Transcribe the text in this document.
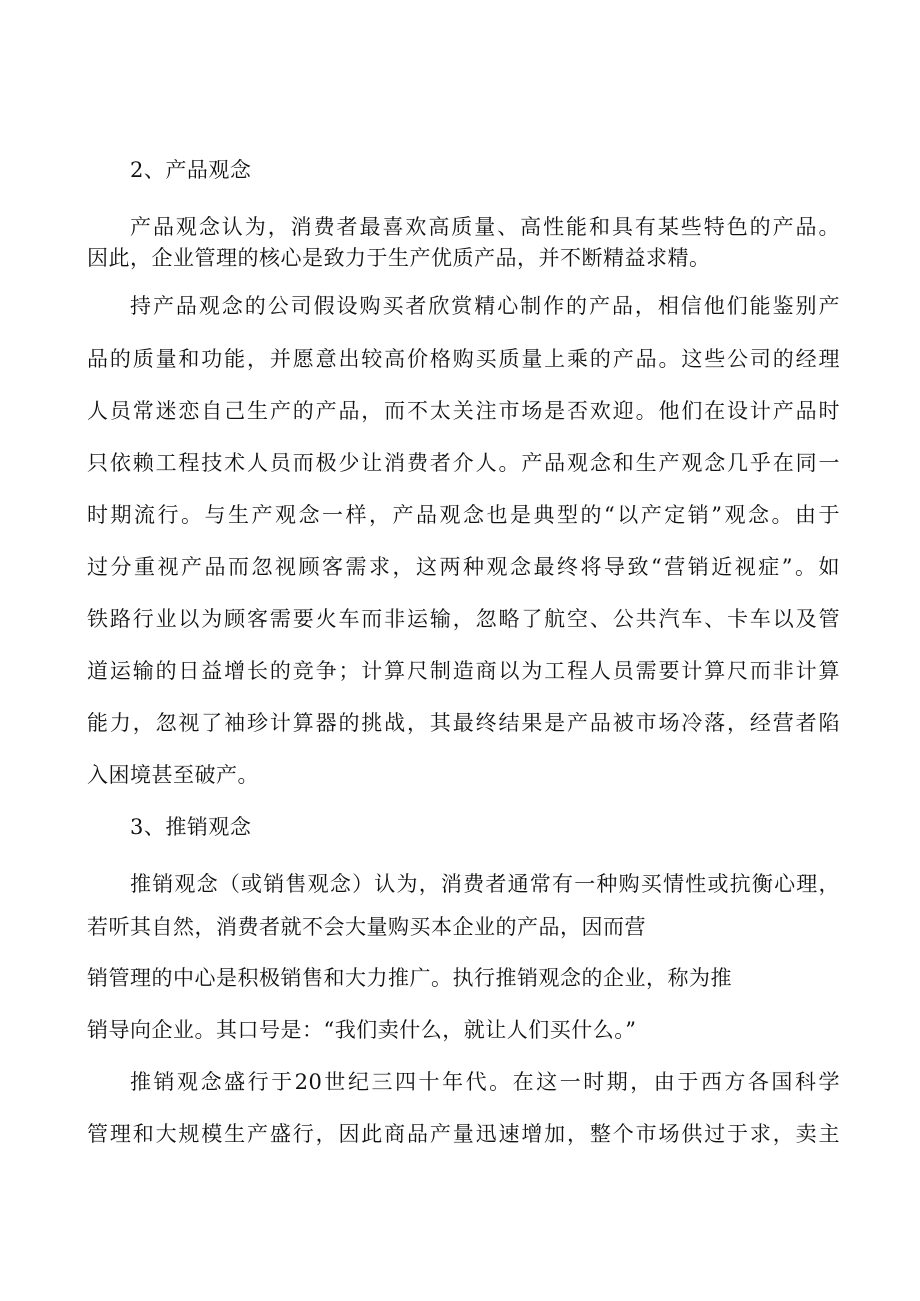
2、产品观念
产品观念认为，消费者最喜欢高质量、高性能和具有某些特色的产品。
因此，企业管理的核心是致力于生产优质产品，并不断精益求精。
持产品观念的公司假设购买者欣赏精心制作的产品，相信他们能鉴别产
品的质量和功能，并愿意出较高价格购买质量上乘的产品。这些公司的经理
人员常迷恋自己生产的产品，而不太关注市场是否欢迎。他们在设计产品时
只依赖工程技术人员而极少让消费者介人。产品观念和生产观念几乎在同一
时期流行。与生产观念一样，产品观念也是典型的“以产定销”观念。由于
过分重视产品而忽视顾客需求，这两种观念最终将导致“营销近视症”。如
铁路行业以为顾客需要火车而非运输，忽略了航空、公共汽车、卡车以及管
道运输的日益增长的竞争；计算尺制造商以为工程人员需要计算尺而非计算
能力，忽视了袖珍计算器的挑战，其最终结果是产品被市场冷落，经营者陷
入困境甚至破产。
3、推销观念
推销观念（或销售观念）认为，消费者通常有一种购买情性或抗衡心理，
若听其自然，消费者就不会大量购买本企业的产品，因而营
销管理的中心是积极销售和大力推广。执行推销观念的企业，称为推
销导向企业。其口号是：“我们卖什么，就让人们买什么。”
推销观念盛行于20世纪三四十年代。在这一时期，由于西方各国科学
管理和大规模生产盛行，因此商品产量迅速增加，整个市场供过于求，卖主
